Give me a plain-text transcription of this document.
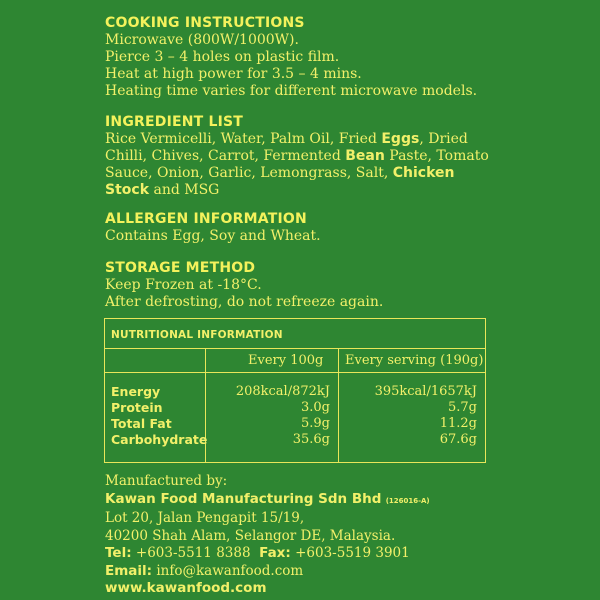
COOKING INSTRUCTIONS
Microwave (800W/1000W).
Pierce 3 – 4 holes on plastic film.
Heat at high power for 3.5 – 4 mins.
Heating time varies for different microwave models.
INGREDIENT LIST
Rice Vermicelli, Water, Palm Oil, Fried Eggs, Dried
Chilli, Chives, Carrot, Fermented Bean Paste, Tomato
Sauce, Onion, Garlic, Lemongrass, Salt, Chicken
Stock and MSG
ALLERGEN INFORMATION
Contains Egg, Soy and Wheat.
STORAGE METHOD
Keep Frozen at -18°C.
After defrosting, do not refreeze again.
NUTRITIONAL INFORMATION
Every 100g Every serving (190g)
Energy
Protein
Total Fat
Carbohydrate
208kcal/872kJ
3.0g
5.9g
35.6g
395kcal/1657kJ
5.7g
11.2g
67.6g
Manufactured by:
Kawan Food Manufacturing Sdn Bhd (126016-A)
Lot 20, Jalan Pengapit 15/19,
40200 Shah Alam, Selangor DE, Malaysia.
Tel: +603-5511 8388 Fax: +603-5519 3901
Email: info@kawanfood.com
www.kawanfood.com
